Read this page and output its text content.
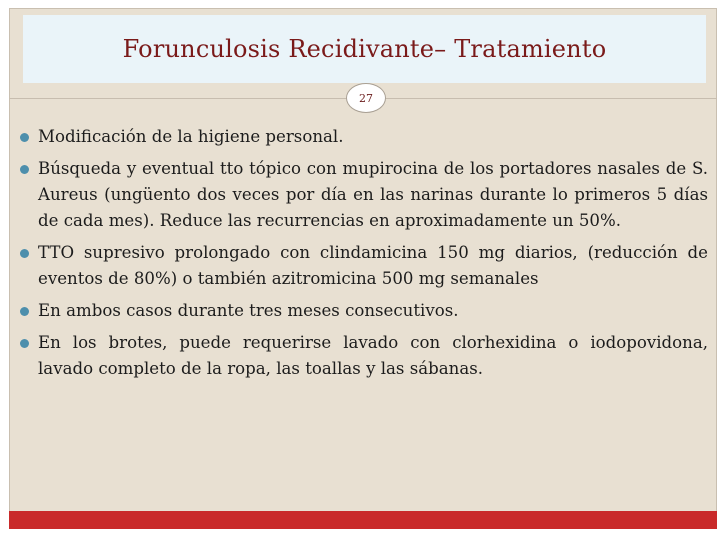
Forunculosis Recidivante– Tratamiento
27
Modificación de la higiene personal.
Búsqueda y eventual tto tópico con mupirocina de los portadores nasales de S. Aureus (ungüento dos veces por día en las narinas durante lo primeros 5 días de cada mes). Reduce las recurrencias en aproximadamente un 50%.
TTO supresivo prolongado con clindamicina 150 mg diarios, (reducción de eventos de 80%) o también azitromicina 500 mg semanales
En ambos casos durante tres meses consecutivos.
En los brotes, puede requerirse lavado con clorhexidina o iodopovidona, lavado completo de la ropa, las toallas y las sábanas.
